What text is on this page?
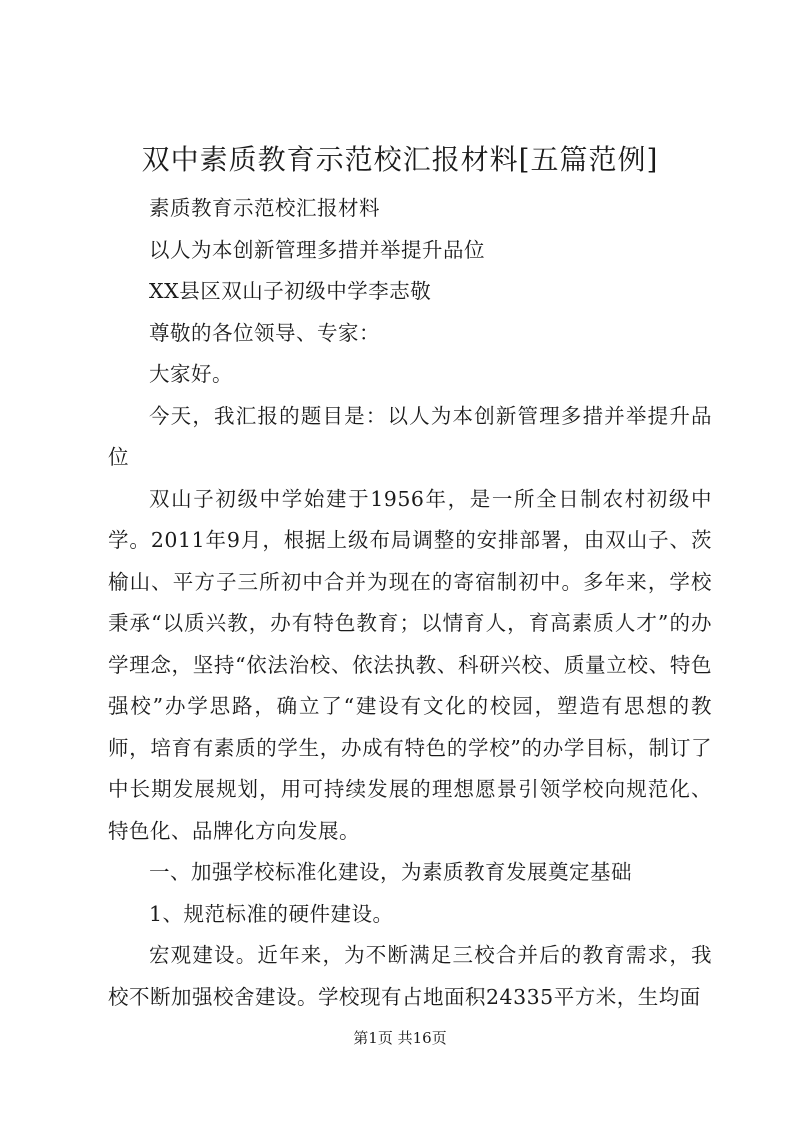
双中素质教育示范校汇报材料[五篇范例]

素质教育示范校汇报材料

以人为本创新管理多措并举提升品位

XX县区双山子初级中学李志敬

尊敬的各位领导、专家：

大家好。

今天，我汇报的题目是：以人为本创新管理多措并举提升品位

双山子初级中学始建于1956年，是一所全日制农村初级中学。2011年9月，根据上级布局调整的安排部署，由双山子、茨榆山、平方子三所初中合并为现在的寄宿制初中。多年来，学校秉承“以质兴教，办有特色教育；以情育人，育高素质人才”的办学理念，坚持“依法治校、依法执教、科研兴校、质量立校、特色强校”办学思路，确立了“建设有文化的校园，塑造有思想的教师，培育有素质的学生，办成有特色的学校”的办学目标，制订了中长期发展规划，用可持续发展的理想愿景引领学校向规范化、特色化、品牌化方向发展。

一、加强学校标准化建设，为素质教育发展奠定基础

1、规范标准的硬件建设。

宏观建设。近年来，为不断满足三校合并后的教育需求，我校不断加强校舍建设。学校现有占地面积24335平方米，生均面

第1页 共16页
